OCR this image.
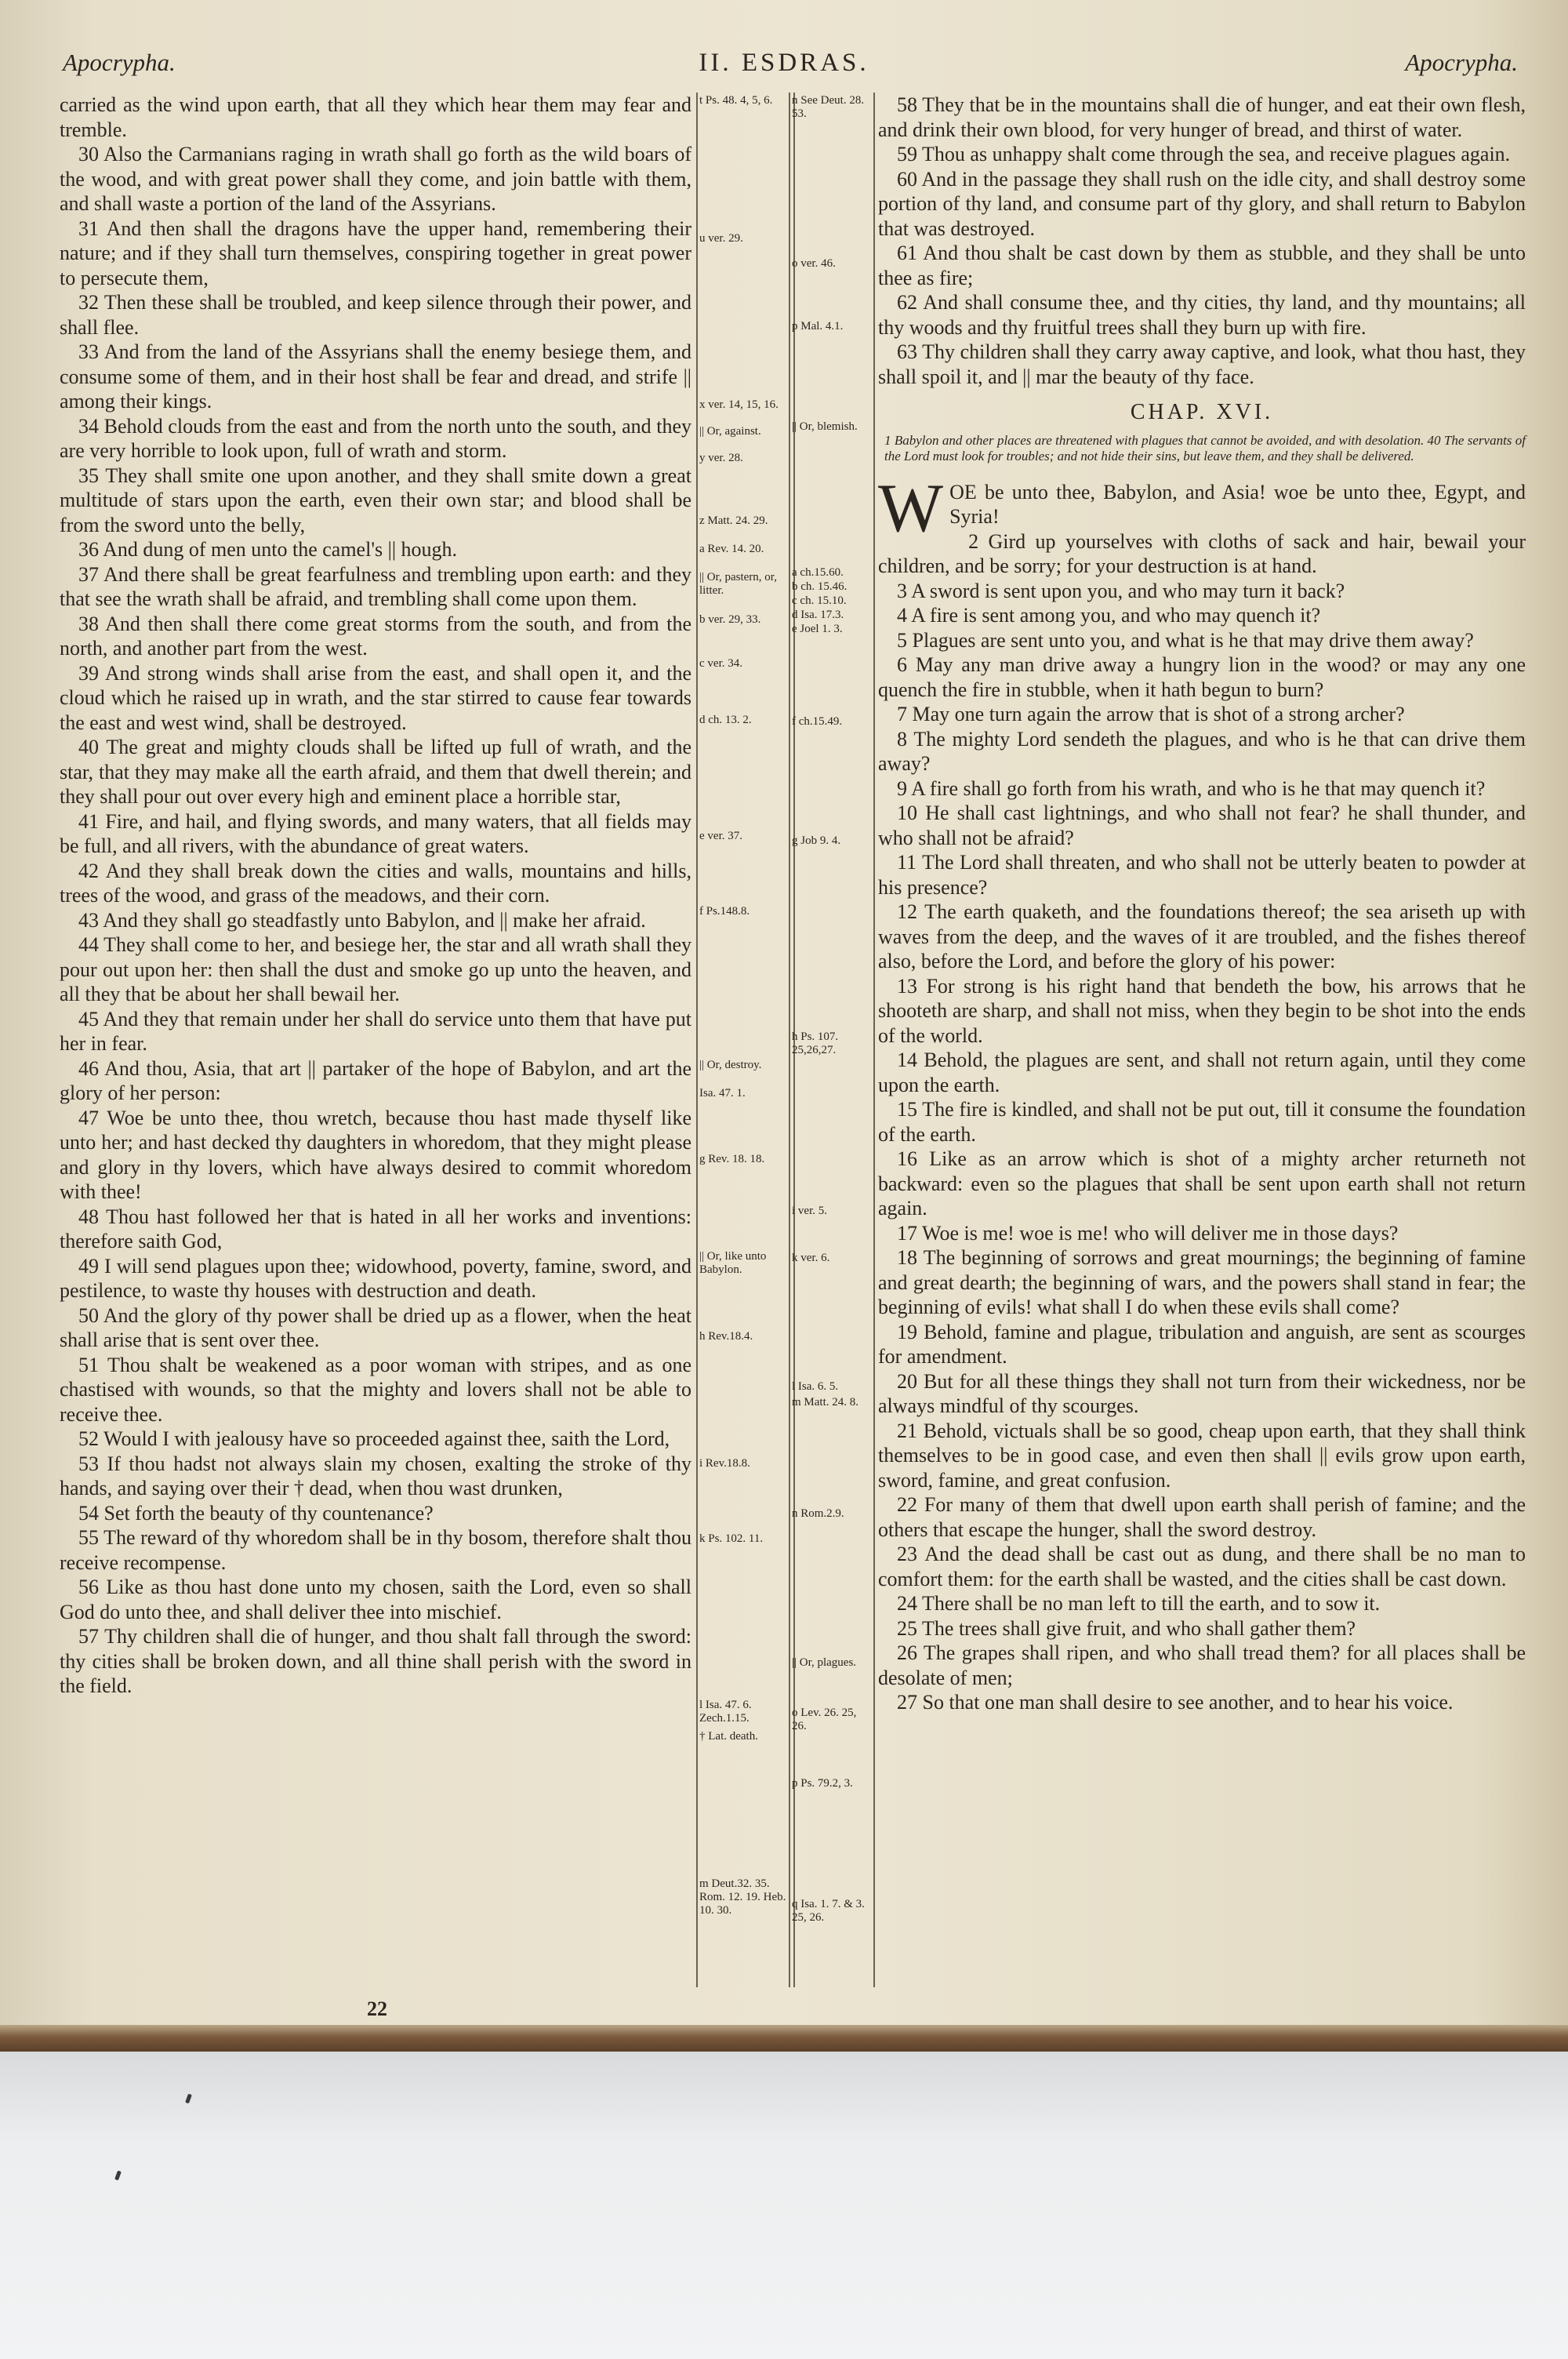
Apocrypha.	II. ESDRAS.	Apocrypha.

carried as the wind upon earth, that all they which hear them may fear and tremble.

30 Also the Carmanians raging in wrath shall go forth as the wild boars of the wood, and with great power shall they come, and join battle with them, and shall waste a portion of the land of the Assyrians.

31 And then shall the dragons have the upper hand, remembering their nature; and if they shall turn themselves, conspiring together in great power to persecute them,

32 Then these shall be troubled, and keep silence through their power, and shall flee.

33 And from the land of the Assyrians shall the enemy besiege them, and consume some of them, and in their host shall be fear and dread, and strife || among their kings.

34 Behold clouds from the east and from the north unto the south, and they are very horrible to look upon, full of wrath and storm.

35 They shall smite one upon another, and they shall smite down a great multitude of stars upon the earth, even their own star; and blood shall be from the sword unto the belly,

36 And dung of men unto the camel's || hough.

37 And there shall be great fearfulness and trembling upon earth: and they that see the wrath shall be afraid, and trembling shall come upon them.

38 And then shall there come great storms from the south, and from the north, and another part from the west.

39 And strong winds shall arise from the east, and shall open it, and the cloud which he raised up in wrath, and the star stirred to cause fear towards the east and west wind, shall be destroyed.

40 The great and mighty clouds shall be lifted up full of wrath, and the star, that they may make all the earth afraid, and them that dwell therein; and they shall pour out over every high and eminent place a horrible star,

41 Fire, and hail, and flying swords, and many waters, that all fields may be full, and all rivers, with the abundance of great waters.

42 And they shall break down the cities and walls, mountains and hills, trees of the wood, and grass of the meadows, and their corn.

43 And they shall go steadfastly unto Babylon, and || make her afraid.

44 They shall come to her, and besiege her, the star and all wrath shall they pour out upon her: then shall the dust and smoke go up unto the heaven, and all they that be about her shall bewail her.

45 And they that remain under her shall do service unto them that have put her in fear.

46 And thou, Asia, that art || partaker of the hope of Babylon, and art the glory of her person:

47 Woe be unto thee, thou wretch, because thou hast made thyself like unto her; and hast decked thy daughters in whoredom, that they might please and glory in thy lovers, which have always desired to commit whoredom with thee!

48 Thou hast followed her that is hated in all her works and inventions: therefore saith God,

49 I will send plagues upon thee; widowhood, poverty, famine, sword, and pestilence, to waste thy houses with destruction and death.

50 And the glory of thy power shall be dried up as a flower, when the heat shall arise that is sent over thee.

51 Thou shalt be weakened as a poor woman with stripes, and as one chastised with wounds, so that the mighty and lovers shall not be able to receive thee.

52 Would I with jealousy have so proceeded against thee, saith the Lord,

53 If thou hadst not always slain my chosen, exalting the stroke of thy hands, and saying over their † dead, when thou wast drunken,

54 Set forth the beauty of thy countenance?

55 The reward of thy whoredom shall be in thy bosom, therefore shalt thou receive recompense.

56 Like as thou hast done unto my chosen, saith the Lord, even so shall God do unto thee, and shall deliver thee into mischief.

57 Thy children shall die of hunger, and thou shalt fall through the sword: thy cities shall be broken down, and all thine shall perish with the sword in the field.

t Ps. 48. 4, 5, 6.
u ver. 29.
x ver. 14, 15, 16.
|| Or, against.
y ver. 28.
z Matt. 24. 29.
a Rev. 14. 20.
|| Or, pastern, or, litter.
b ver. 29, 33.
c ver. 34.
d ch. 13. 2.
e ver. 37.
f Ps.148.8.
|| Or, destroy.
Isa. 47. 1.
g Rev. 18. 18.
|| Or, like unto Babylon.
h Rev.18.4.
i Rev.18.8.
k Ps. 102. 11.
l Isa. 47. 6. Zech.1.15.
† Lat. death.
m Deut.32. 35. Rom. 12. 19. Heb. 10. 30.
n See Deut. 28. 53.
o ver. 46.
p Mal. 4.1.
|| Or, blemish.
a ch.15.60.
b ch. 15.46.
c ch. 15.10.
d Isa. 17.3.
e Joel 1. 3.
f ch.15.49.
g Job 9. 4.
h Ps. 107. 25,26,27.
i ver. 5.
k ver. 6.
l Isa. 6. 5.
m Matt. 24. 8.
n Rom.2.9.
|| Or, plagues.
o Lev. 26. 25, 26.
p Ps. 79.2, 3.
q Isa. 1. 7. & 3. 25, 26.

58 They that be in the mountains shall die of hunger, and eat their own flesh, and drink their own blood, for very hunger of bread, and thirst of water.

59 Thou as unhappy shalt come through the sea, and receive plagues again.

60 And in the passage they shall rush on the idle city, and shall destroy some portion of thy land, and consume part of thy glory, and shall return to Babylon that was destroyed.

61 And thou shalt be cast down by them as stubble, and they shall be unto thee as fire;

62 And shall consume thee, and thy cities, thy land, and thy mountains; all thy woods and thy fruitful trees shall they burn up with fire.

63 Thy children shall they carry away captive, and look, what thou hast, they shall spoil it, and || mar the beauty of thy face.

CHAP. XVI.
1 Babylon and other places are threatened with plagues that cannot be avoided, and with desolation. 40 The servants of the Lord must look for troubles; and not hide their sins, but leave them, and they shall be delivered.

WOE be unto thee, Babylon, and Asia! woe be unto thee, Egypt, and Syria!

2 Gird up yourselves with cloths of sack and hair, bewail your children, and be sorry; for your destruction is at hand.

3 A sword is sent upon you, and who may turn it back?

4 A fire is sent among you, and who may quench it?

5 Plagues are sent unto you, and what is he that may drive them away?

6 May any man drive away a hungry lion in the wood? or may any one quench the fire in stubble, when it hath begun to burn?

7 May one turn again the arrow that is shot of a strong archer?

8 The mighty Lord sendeth the plagues, and who is he that can drive them away?

9 A fire shall go forth from his wrath, and who is he that may quench it?

10 He shall cast lightnings, and who shall not fear? he shall thunder, and who shall not be afraid?

11 The Lord shall threaten, and who shall not be utterly beaten to powder at his presence?

12 The earth quaketh, and the foundations thereof; the sea ariseth up with waves from the deep, and the waves of it are troubled, and the fishes thereof also, before the Lord, and before the glory of his power:

13 For strong is his right hand that bendeth the bow, his arrows that he shooteth are sharp, and shall not miss, when they begin to be shot into the ends of the world.

14 Behold, the plagues are sent, and shall not return again, until they come upon the earth.

15 The fire is kindled, and shall not be put out, till it consume the foundation of the earth.

16 Like as an arrow which is shot of a mighty archer returneth not backward: even so the plagues that shall be sent upon earth shall not return again.

17 Woe is me! woe is me! who will deliver me in those days?

18 The beginning of sorrows and great mournings; the beginning of famine and great dearth; the beginning of wars, and the powers shall stand in fear; the beginning of evils! what shall I do when these evils shall come?

19 Behold, famine and plague, tribulation and anguish, are sent as scourges for amendment.

20 But for all these things they shall not turn from their wickedness, nor be always mindful of thy scourges.

21 Behold, victuals shall be so good, cheap upon earth, that they shall think themselves to be in good case, and even then shall || evils grow upon earth, sword, famine, and great confusion.

22 For many of them that dwell upon earth shall perish of famine; and the others that escape the hunger, shall the sword destroy.

23 And the dead shall be cast out as dung, and there shall be no man to comfort them: for the earth shall be wasted, and the cities shall be cast down.

24 There shall be no man left to till the earth, and to sow it.

25 The trees shall give fruit, and who shall gather them?

26 The grapes shall ripen, and who shall tread them? for all places shall be desolate of men;

27 So that one man shall desire to see another, and to hear his voice.

22
